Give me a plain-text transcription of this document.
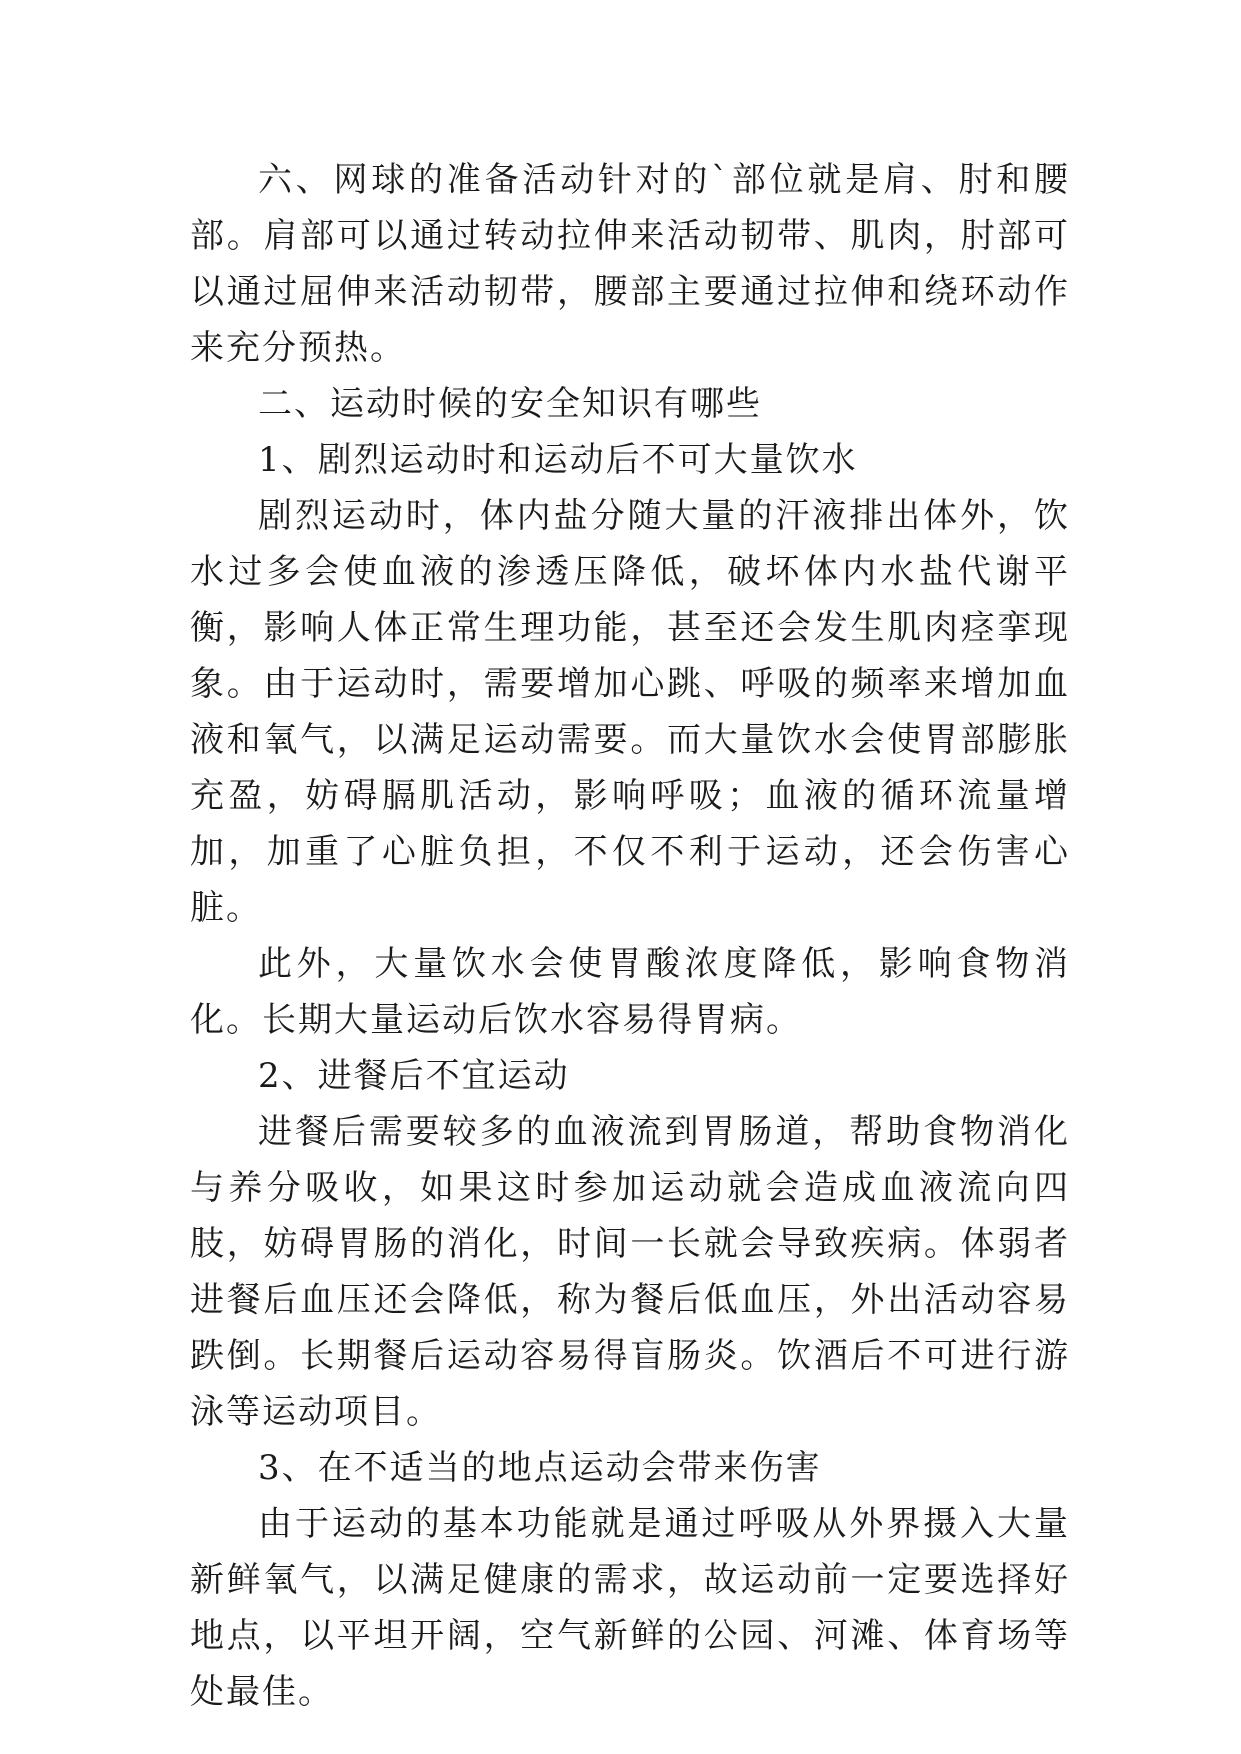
六、网球的准备活动针对的`部位就是肩、肘和腰部。肩部可以通过转动拉伸来活动韧带、肌肉，肘部可以通过屈伸来活动韧带，腰部主要通过拉伸和绕环动作来充分预热。

二、运动时候的安全知识有哪些

1、剧烈运动时和运动后不可大量饮水

剧烈运动时，体内盐分随大量的汗液排出体外，饮水过多会使血液的渗透压降低，破坏体内水盐代谢平衡，影响人体正常生理功能，甚至还会发生肌肉痉挛现象。由于运动时，需要增加心跳、呼吸的频率来增加血液和氧气，以满足运动需要。而大量饮水会使胃部膨胀充盈，妨碍膈肌活动，影响呼吸；血液的循环流量增加，加重了心脏负担，不仅不利于运动，还会伤害心脏。

此外，大量饮水会使胃酸浓度降低，影响食物消化。长期大量运动后饮水容易得胃病。

2、进餐后不宜运动

进餐后需要较多的血液流到胃肠道，帮助食物消化与养分吸收，如果这时参加运动就会造成血液流向四肢，妨碍胃肠的消化，时间一长就会导致疾病。体弱者进餐后血压还会降低，称为餐后低血压，外出活动容易跌倒。长期餐后运动容易得盲肠炎。饮酒后不可进行游泳等运动项目。

3、在不适当的地点运动会带来伤害

由于运动的基本功能就是通过呼吸从外界摄入大量新鲜氧气，以满足健康的需求，故运动前一定要选择好地点，以平坦开阔，空气新鲜的公园、河滩、体育场等处最佳。
